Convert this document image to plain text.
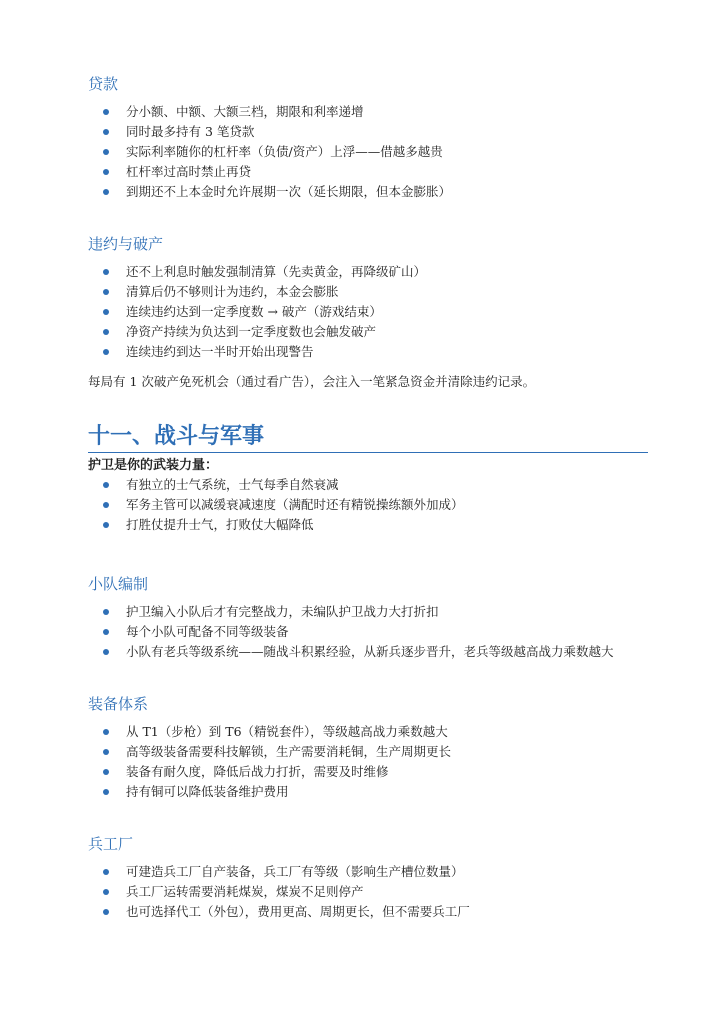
贷款
分小额、中额、大额三档，期限和利率递增
同时最多持有 3 笔贷款
实际利率随你的杠杆率（负债/资产）上浮——借越多越贵
杠杆率过高时禁止再贷
到期还不上本金时允许展期一次（延长期限，但本金膨胀）
违约与破产
还不上利息时触发强制清算（先卖黄金，再降级矿山）
清算后仍不够则计为违约，本金会膨胀
连续违约达到一定季度数 → 破产（游戏结束）
净资产持续为负达到一定季度数也会触发破产
连续违约到达一半时开始出现警告

每局有 1 次破产免死机会（通过看广告），会注入一笔紧急资金并清除违约记录。

十一、战斗与军事

护卫是你的武装力量：

有独立的士气系统，士气每季自然衰减
军务主管可以减缓衰减速度（满配时还有精锐操练额外加成）
打胜仗提升士气，打败仗大幅降低
小队编制
护卫编入小队后才有完整战力，未编队护卫战力大打折扣
每个小队可配备不同等级装备
小队有老兵等级系统——随战斗积累经验，从新兵逐步晋升，老兵等级越高战力乘数越大
装备体系
从 T1（步枪）到 T6（精锐套件），等级越高战力乘数越大
高等级装备需要科技解锁，生产需要消耗铜，生产周期更长
装备有耐久度，降低后战力打折，需要及时维修
持有铜可以降低装备维护费用
兵工厂
可建造兵工厂自产装备，兵工厂有等级（影响生产槽位数量）
兵工厂运转需要消耗煤炭，煤炭不足则停产
也可选择代工（外包），费用更高、周期更长，但不需要兵工厂
